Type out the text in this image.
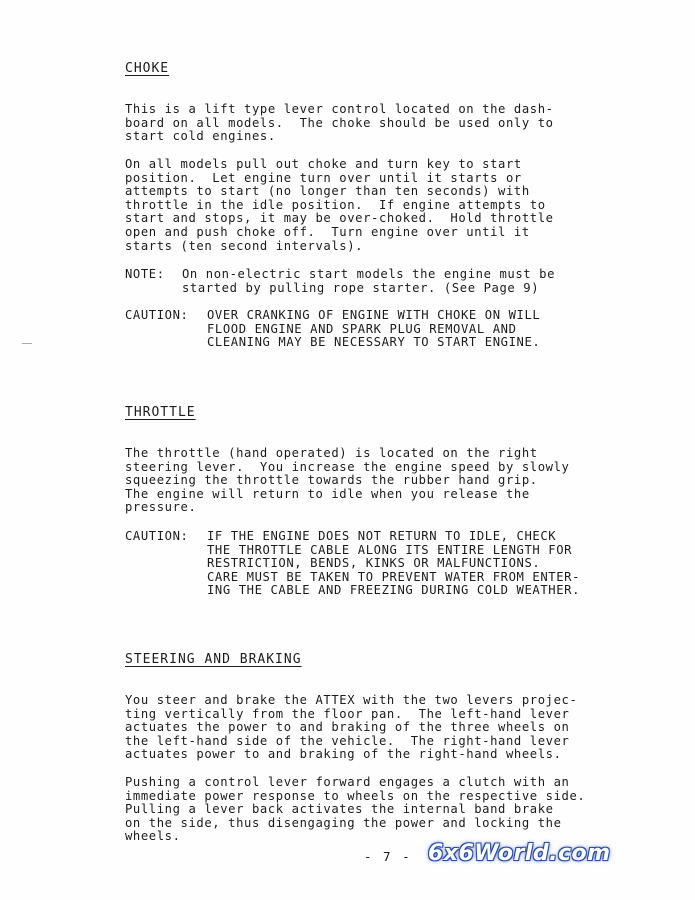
CHOKE
This is a lift type lever control located on the dash-
board on all models.  The choke should be used only to
start cold engines.
On all models pull out choke and turn key to start
position.  Let engine turn over until it starts or
attempts to start (no longer than ten seconds) with
throttle in the idle position.  If engine attempts to
start and stops, it may be over-choked.  Hold throttle
open and push choke off.  Turn engine over until it
starts (ten second intervals).
NOTE: On non-electric start models the engine must be
started by pulling rope starter. (See Page 9)
CAUTION: OVER CRANKING OF ENGINE WITH CHOKE ON WILL
FLOOD ENGINE AND SPARK PLUG REMOVAL AND
CLEANING MAY BE NECESSARY TO START ENGINE.
THROTTLE
The throttle (hand operated) is located on the right
steering lever.  You increase the engine speed by slowly
squeezing the throttle towards the rubber hand grip.
The engine will return to idle when you release the
pressure.
CAUTION: IF THE ENGINE DOES NOT RETURN TO IDLE, CHECK
THE THROTTLE CABLE ALONG ITS ENTIRE LENGTH FOR
RESTRICTION, BENDS, KINKS OR MALFUNCTIONS.
CARE MUST BE TAKEN TO PREVENT WATER FROM ENTER-
ING THE CABLE AND FREEZING DURING COLD WEATHER.
STEERING AND BRAKING
You steer and brake the ATTEX with the two levers projec-
ting vertically from the floor pan.  The left-hand lever
actuates the power to and braking of the three wheels on
the left-hand side of the vehicle.  The right-hand lever
actuates power to and braking of the right-hand wheels.
Pushing a control lever forward engages a clutch with an
immediate power response to wheels on the respective side.
Pulling a lever back activates the internal band brake
on the side, thus disengaging the power and locking the
wheels.
- 7 - 6x6World.com
